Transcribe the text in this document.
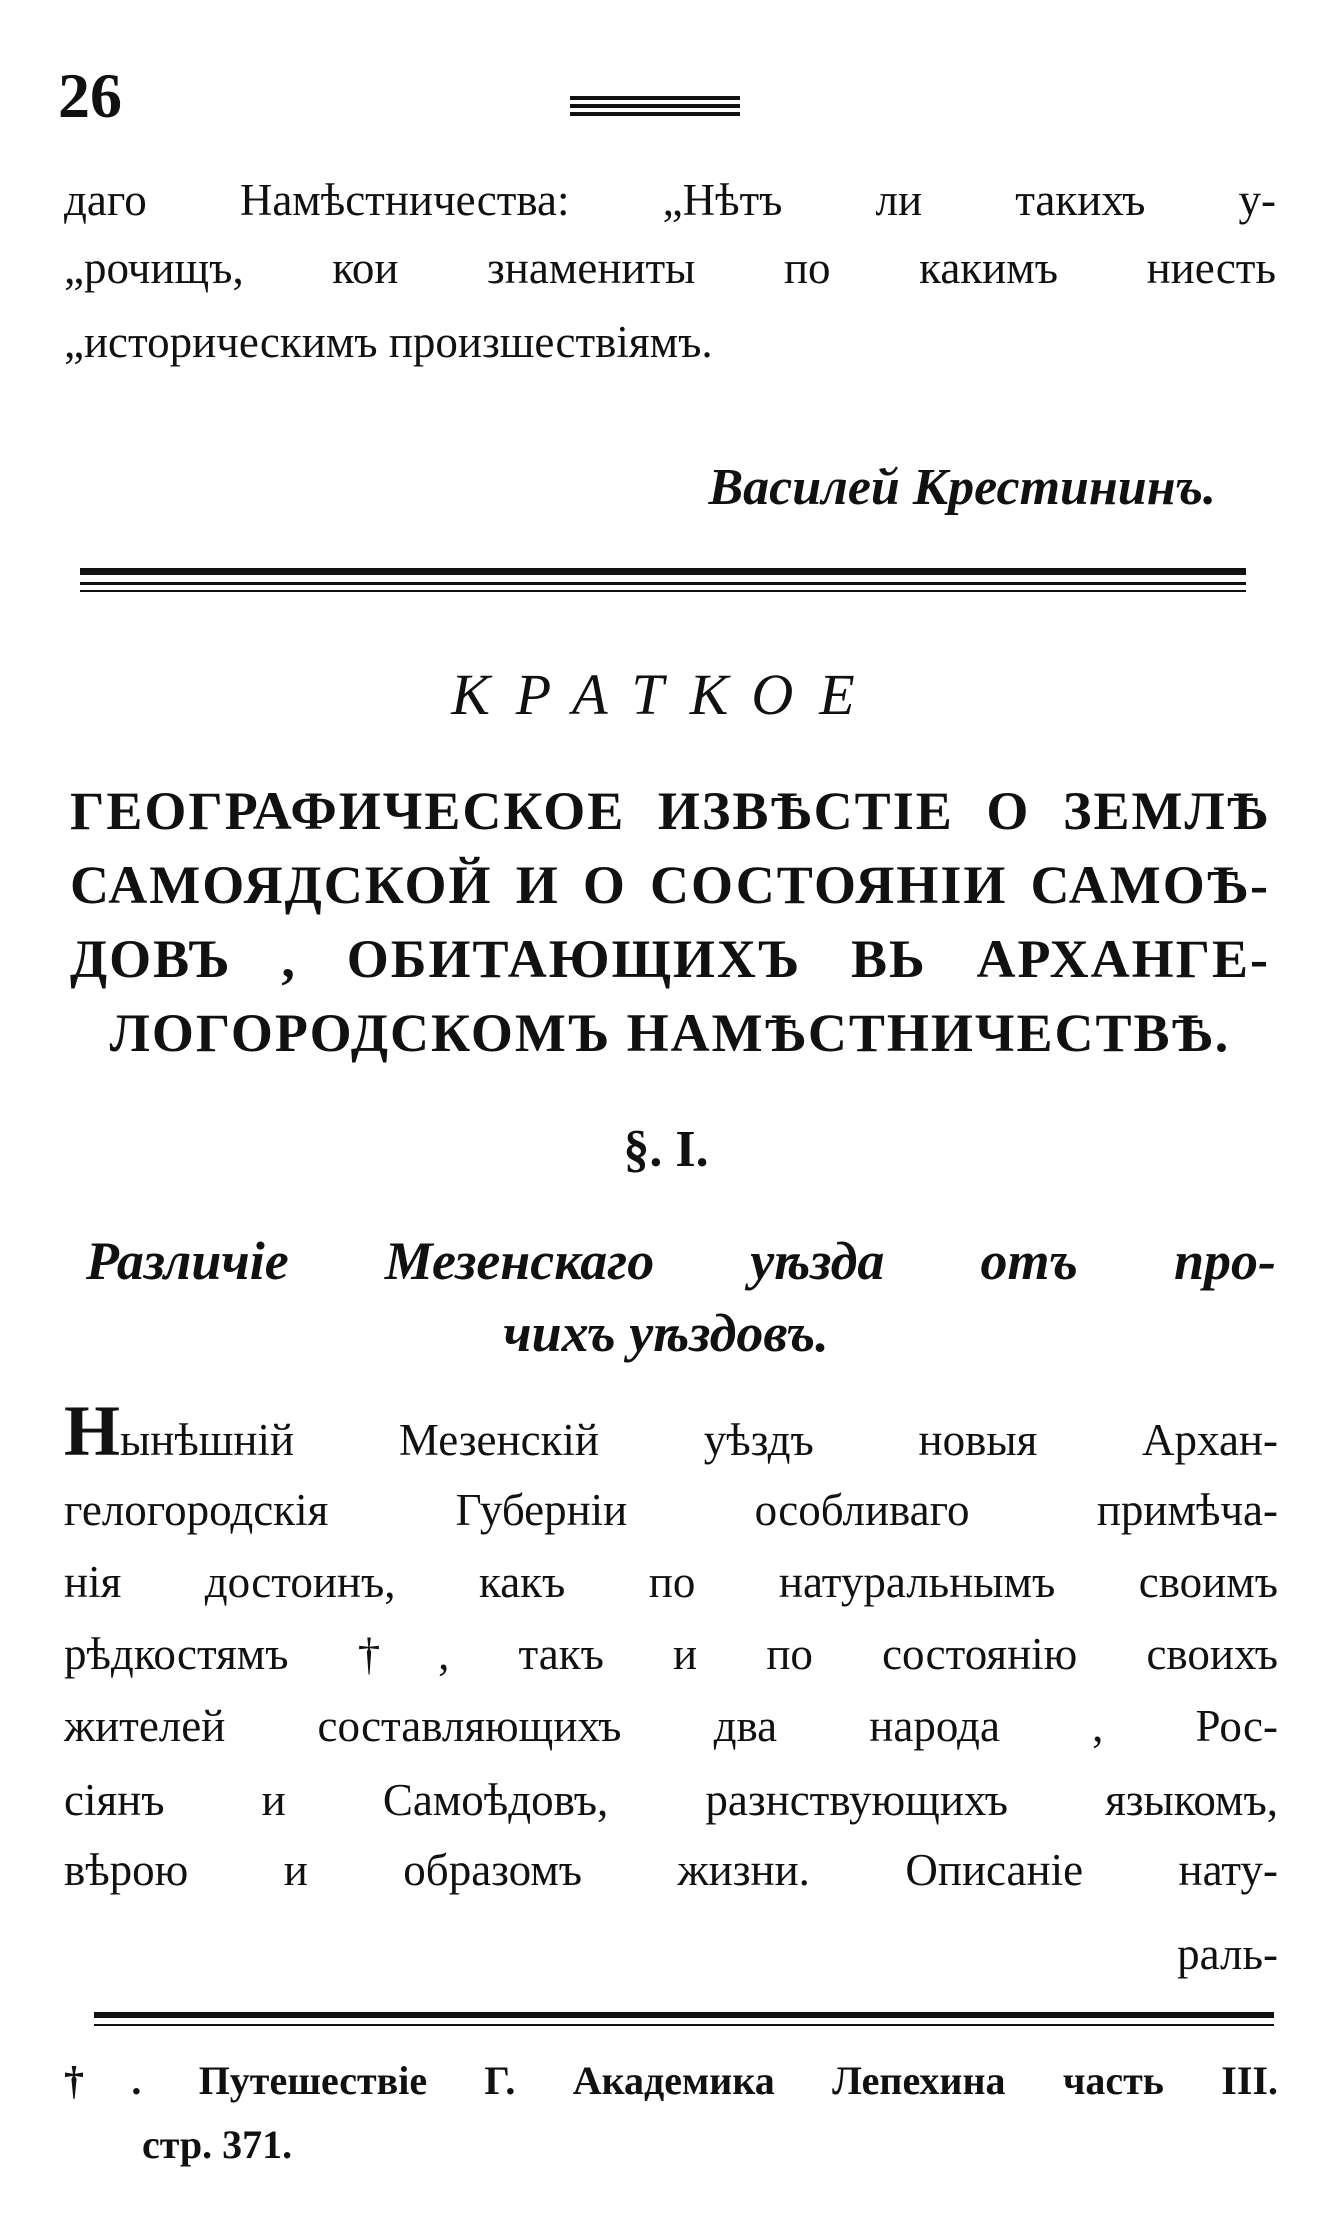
26
даго Намѣстничества: „Нѣтъ ли такихъ у-
„рочищъ, кои знамениты по какимъ ниесть
„историческимъ произшествіямъ.
Василей Крестининъ.
КРАТКОЕ
ГЕОГРАФИЧЕСКОЕ ИЗВѢСТІЕ О ЗЕМЛѢ
САМОЯДСКОЙ И О СОСТОЯНІИ САМОѢ-
ДОВЪ , ОБИТАЮЩИХЪ ВЬ АРХАНГЕ-
ЛОГОРОДСКОМЪ НАМѢСТНИЧЕСТВѢ.
§. I.
Различіе Мезенскаго уѣзда отъ про-
чихъ уѣздовъ.
Нынѣшній Мезенскій уѣздъ новыя Архан-
гелогородскія Губерніи особливаго примѣча-
нія достоинъ, какъ по натуральнымъ своимъ
рѣдкостямъ †, такъ и по состоянію своихъ
жителей составляющихъ два народа , Рос-
сіянъ и Самоѣдовъ, разнствующихъ языкомъ,
вѣрою и образомъ жизни. Описаніе нату-
раль-
†. Путешествіе Г. Академика Лепехина часть III.
стр. 371.
